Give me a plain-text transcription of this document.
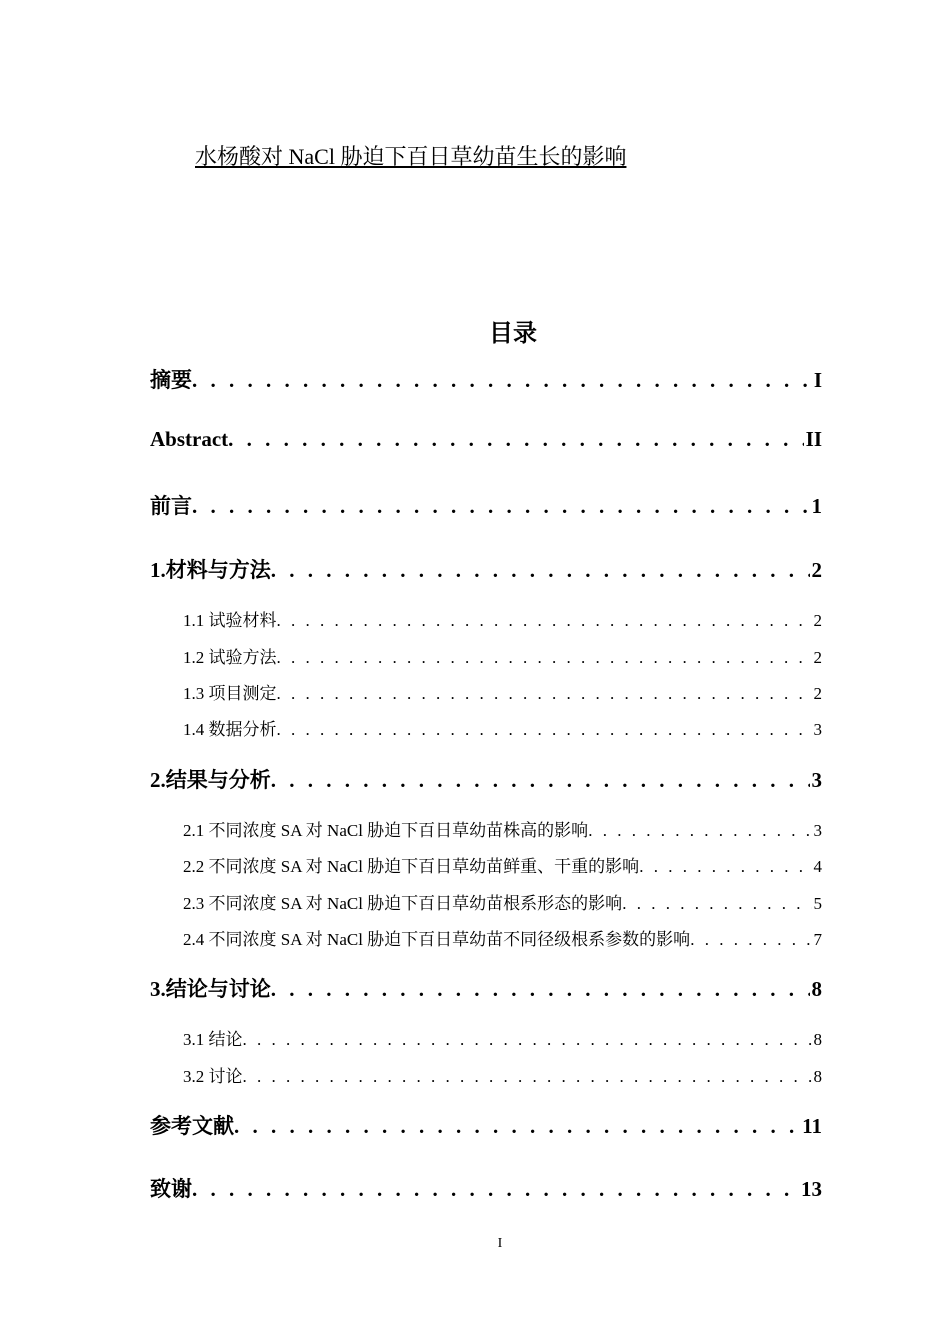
水杨酸对 NaCl 胁迫下百日草幼苗生长的影响
目录
摘要 . . .	I
Abstract . . .	II
前言 . . .	1
1.材料与方法 . . .	2
1.1 试验材料 . . .	2
1.2 试验方法 . . .	2
1.3 项目测定 . . .	2
1.4 数据分析 . . .	3
2.结果与分析 . . .	3
2.1 不同浓度 SA 对 NaCl 胁迫下百日草幼苗株高的影响 . . .	3
2.2 不同浓度 SA 对 NaCl 胁迫下百日草幼苗鲜重、干重的影响 . . .	4
2.3 不同浓度 SA 对 NaCl 胁迫下百日草幼苗根系形态的影响 . . .	5
2.4 不同浓度 SA 对 NaCl 胁迫下百日草幼苗不同径级根系参数的影响 . . .	7
3.结论与讨论 . . .	8
3.1 结论 . . .	8
3.2 讨论 . . .	8
参考文献 . . .	11
致谢 . . .	13
I
